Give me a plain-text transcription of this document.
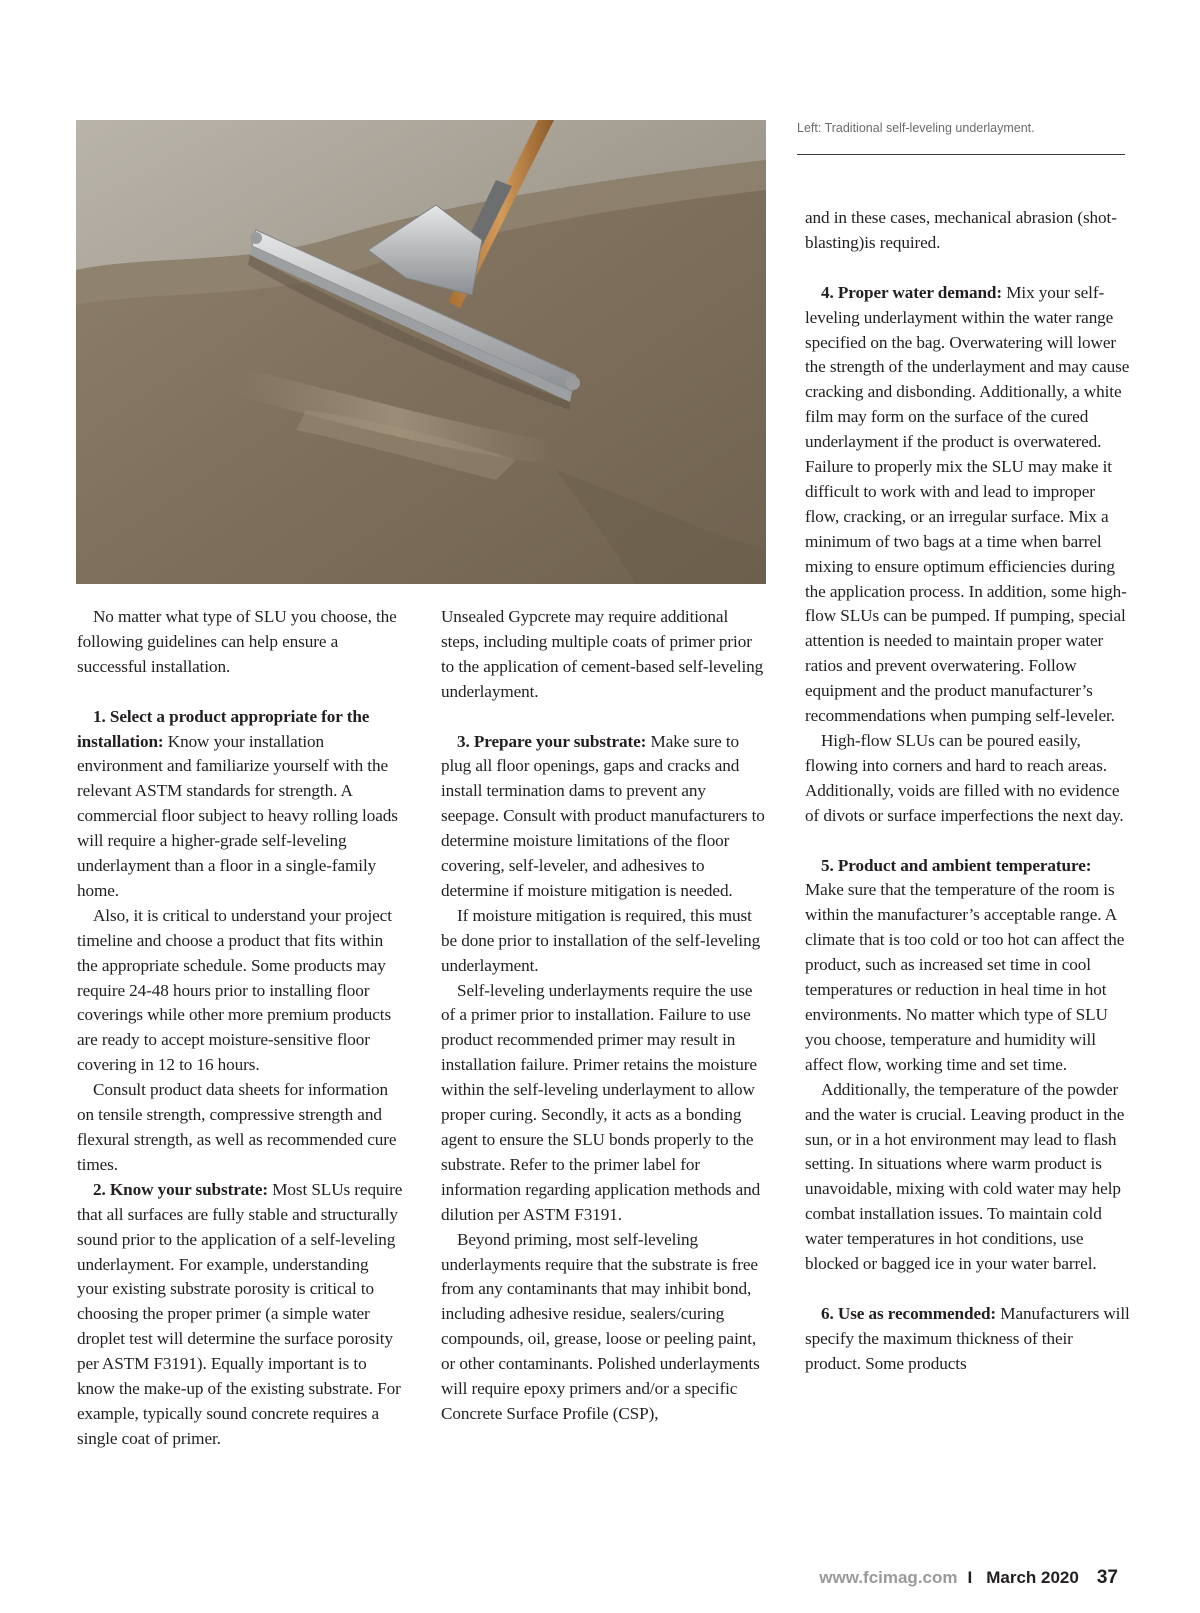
Left: Traditional self-leveling underlayment.

No matter what type of SLU you choose, the following guidelines can help ensure a successful installation.

1. Select a product appropriate for the installation: Know your installation environment and familiarize yourself with the relevant ASTM standards for strength. A commercial floor subject to heavy rolling loads will require a higher-grade self-leveling underlayment than a floor in a single-family home.

Also, it is critical to understand your project timeline and choose a product that fits within the appropriate schedule. Some products may require 24-48 hours prior to installing floor coverings while other more premium products are ready to accept moisture-sensitive floor covering in 12 to 16 hours.

Consult product data sheets for information on tensile strength, compressive strength and flexural strength, as well as recommended cure times.

2. Know your substrate: Most SLUs require that all surfaces are fully stable and structurally sound prior to the application of a self-leveling underlayment. For example, understanding your existing substrate porosity is critical to choosing the proper primer (a simple water droplet test will determine the surface porosity per ASTM F3191). Equally important is to know the make-up of the existing substrate. For example, typically sound concrete requires a single coat of primer.

Unsealed Gypcrete may require additional steps, including multiple coats of primer prior to the application of cement-based self-leveling underlayment.

3. Prepare your substrate: Make sure to plug all floor openings, gaps and cracks and install termination dams to prevent any seepage. Consult with product manufacturers to determine moisture limitations of the floor covering, self-leveler, and adhesives to determine if moisture mitigation is needed.

If moisture mitigation is required, this must be done prior to installation of the self-leveling underlayment.

Self-leveling underlayments require the use of a primer prior to installation. Failure to use product recommended primer may result in installation failure. Primer retains the moisture within the self-leveling underlayment to allow proper curing. Secondly, it acts as a bonding agent to ensure the SLU bonds properly to the substrate. Refer to the primer label for information regarding application methods and dilution per ASTM F3191.

Beyond priming, most self-leveling underlayments require that the substrate is free from any contaminants that may inhibit bond, including adhesive residue, sealers/curing compounds, oil, grease, loose or peeling paint, or other contaminants. Polished underlayments will require epoxy primers and/or a specific Concrete Surface Profile (CSP),

and in these cases, mechanical abrasion (shot-blasting)is required.

4. Proper water demand: Mix your self-leveling underlayment within the water range specified on the bag. Overwatering will lower the strength of the underlayment and may cause cracking and disbonding. Additionally, a white film may form on the surface of the cured underlayment if the product is overwatered. Failure to properly mix the SLU may make it difficult to work with and lead to improper flow, cracking, or an irregular surface. Mix a minimum of two bags at a time when barrel mixing to ensure optimum efficiencies during the application process. In addition, some high-flow SLUs can be pumped. If pumping, special attention is needed to maintain proper water ratios and prevent overwatering. Follow equipment and the product manufacturer’s recommendations when pumping self-leveler.

High-flow SLUs can be poured easily, flowing into corners and hard to reach areas. Additionally, voids are filled with no evidence of divots or surface imperfections the next day.

5. Product and ambient temperature: Make sure that the temperature of the room is within the manufacturer’s acceptable range. A climate that is too cold or too hot can affect the product, such as increased set time in cool temperatures or reduction in heal time in hot environments. No matter which type of SLU you choose, temperature and humidity will affect flow, working time and set time.

Additionally, the temperature of the powder and the water is crucial. Leaving product in the sun, or in a hot environment may lead to flash setting. In situations where warm product is unavoidable, mixing with cold water may help combat installation issues. To maintain cold water temperatures in hot conditions, use blocked or bagged ice in your water barrel.

6. Use as recommended: Manufacturers will specify the maximum thickness of their product. Some products

www.fcimag.com I March 2020 37
